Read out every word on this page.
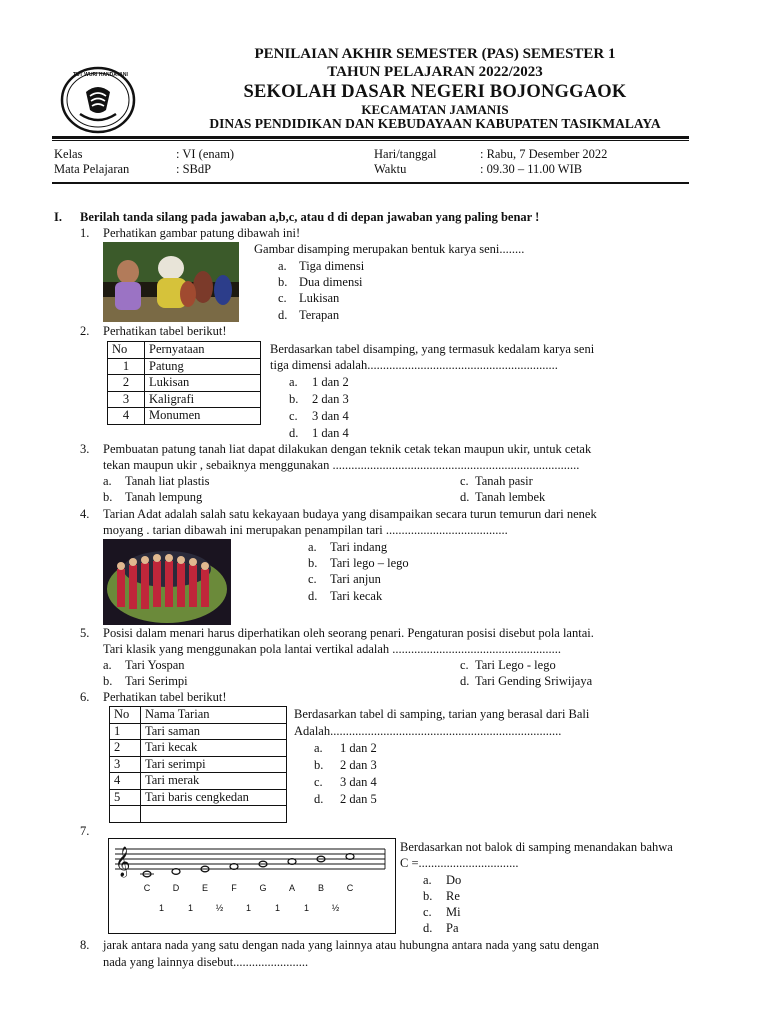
TUT WURI HANDAYANI
PENILAIAN AKHIR SEMESTER (PAS) SEMESTER 1
TAHUN PELAJARAN 2022/2023
SEKOLAH DASAR NEGERI BOJONGGAOK
KECAMATAN JAMANIS
DINAS PENDIDIKAN DAN KEBUDAYAAN KABUPATEN TASIKMALAYA
Kelas	: VI (enam)
Mata Pelajaran	: SBdP
Hari/tanggal	: Rabu, 7 Desember 2022
Waktu	: 09.30 – 11.00 WIB
I. Berilah tanda silang pada jawaban a,b,c, atau d di depan jawaban yang paling benar !
1. Perhatikan gambar patung dibawah ini!
Gambar disamping merupakan bentuk karya seni........
a. Tiga dimensi
b. Dua dimensi
c. Lukisan
d. Terapan
2. Perhatikan tabel berikut!
No	Pernyataan
1	Patung
2	Lukisan
3	Kaligrafi
4	Monumen
Berdasarkan tabel disamping, yang termasuk kedalam karya seni
tiga dimensi adalah.............................................................
a. 1 dan 2
b. 2 dan 3
c. 3 dan 4
d. 1 dan 4
3. Pembuatan patung tanah liat dapat dilakukan dengan teknik cetak tekan maupun ukir, untuk cetak
tekan maupun ukir , sebaiknya menggunakan ...............................................................................
a. Tanah liat plastis
b. Tanah lempung
c. Tanah pasir
d. Tanah lembek
4. Tarian Adat adalah salah satu kekayaan budaya yang disampaikan secara turun temurun dari nenek
moyang . tarian dibawah ini merupakan penampilan tari .......................................
a. Tari indang
b. Tari lego – lego
c. Tari anjun
d. Tari kecak
5. Posisi dalam menari harus diperhatikan oleh seorang penari. Pengaturan posisi disebut pola lantai.
Tari klasik yang menggunakan pola lantai vertikal adalah ......................................................
a. Tari Yospan
b. Tari Serimpi
c. Tari Lego - lego
d. Tari Gending Sriwijaya
6. Perhatikan tabel berikut!
No	Nama Tarian
1	Tari saman
2	Tari kecak
3	Tari serimpi
4	Tari merak
5	Tari baris cengkedan

Berdasarkan tabel di samping, tarian yang berasal dari Bali
Adalah..........................................................................
a. 1 dan 2
b. 2 dan 3
c. 3 dan 4
d. 2 dan 5
7.
𝄞
C	D	E	F	G	A	B	C
1	1	½	1	1	1	½
Berdasarkan not balok di samping menandakan bahwa
C =................................
a. Do
b. Re
c. Mi
d. Pa
8. jarak antara nada yang satu dengan nada yang lainnya atau hubungna antara nada yang satu dengan
nada yang lainnya disebut........................
